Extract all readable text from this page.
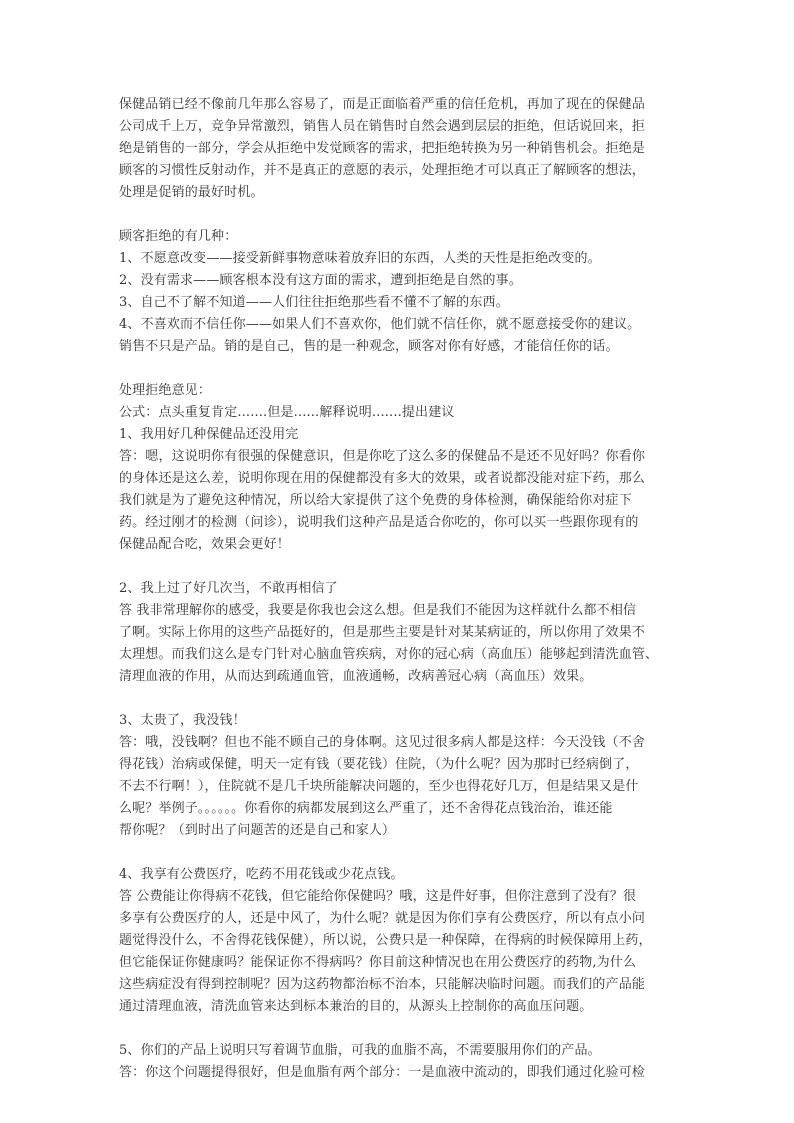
保健品销已经不像前几年那么容易了，而是正面临着严重的信任危机，再加了现在的保健品
公司成千上万，竞争异常激烈，销售人员在销售时自然会遇到层层的拒绝，但话说回来，拒
绝是销售的一部分，学会从拒绝中发觉顾客的需求，把拒绝转换为另一种销售机会。拒绝是
顾客的习惯性反射动作，并不是真正的意愿的表示，处理拒绝才可以真正了解顾客的想法，
处理是促销的最好时机。
顾客拒绝的有几种：
1、不愿意改变——接受新鲜事物意味着放弃旧的东西，人类的天性是拒绝改变的。
2、没有需求——顾客根本没有这方面的需求，遭到拒绝是自然的事。
3、自己不了解不知道——人们往往拒绝那些看不懂不了解的东西。
4、不喜欢而不信任你——如果人们不喜欢你，他们就不信任你，就不愿意接受你的建议。
销售不只是产品。销的是自己，售的是一种观念，顾客对你有好感，才能信任你的话。
处理拒绝意见：
公式：点头重复肯定.......但是......解释说明.......提出建议
1、我用好几种保健品还没用完
答：嗯，这说明你有很强的保健意识，但是你吃了这么多的保健品不是还不见好吗？你看你
的身体还是这么差，说明你现在用的保健都没有多大的效果，或者说都没能对症下药，那么
我们就是为了避免这种情况，所以给大家提供了这个免费的身体检测，确保能给你对症下
药。经过刚才的检测（问诊），说明我们这种产品是适合你吃的，你可以买一些跟你现有的
保健品配合吃，效果会更好！
2、我上过了好几次当，不敢再相信了
答 我非常理解你的感受，我要是你我也会这么想。但是我们不能因为这样就什么都不相信
了啊。实际上你用的这些产品挺好的，但是那些主要是针对某某病证的，所以你用了效果不
太理想。而我们这么是专门针对心脑血管疾病，对你的冠心病（高血压）能够起到清洗血管、
清理血液的作用，从而达到疏通血管，血液通畅，改病善冠心病（高血压）效果。
3、太贵了，我没钱！
答：哦，没钱啊？但也不能不顾自己的身体啊。这见过很多病人都是这样：今天没钱（不舍
得花钱）治病或保健，明天一定有钱（要花钱）住院，（为什么呢？因为那时已经病倒了，
不去不行啊！），住院就不是几千块所能解决问题的，至少也得花好几万，但是结果又是什
么呢？举例子。。。。。。你看你的病都发展到这么严重了，还不舍得花点钱治治，谁还能
帮你呢？（到时出了问题苦的还是自己和家人）
4、我享有公费医疗，吃药不用花钱或少花点钱。
答 公费能让你得病不花钱，但它能给你保健吗？哦，这是件好事，但你注意到了没有？很
多享有公费医疗的人，还是中风了，为什么呢？就是因为你们享有公费医疗，所以有点小问
题觉得没什么，不舍得花钱保健），所以说，公费只是一种保障，在得病的时候保障用上药，
但它能保证你健康吗？能保证你不得病吗？你目前这种情况也在用公费医疗的药物,为什么
这些病症没有得到控制呢？因为这药物都治标不治本，只能解决临时问题。而我们的产品能
通过清理血液，清洗血管来达到标本兼治的目的，从源头上控制你的高血压问题。
5、你们的产品上说明只写着调节血脂，可我的血脂不高，不需要服用你们的产品。
答：你这个问题提得很好，但是血脂有两个部分：一是血液中流动的，即我们通过化验可检
